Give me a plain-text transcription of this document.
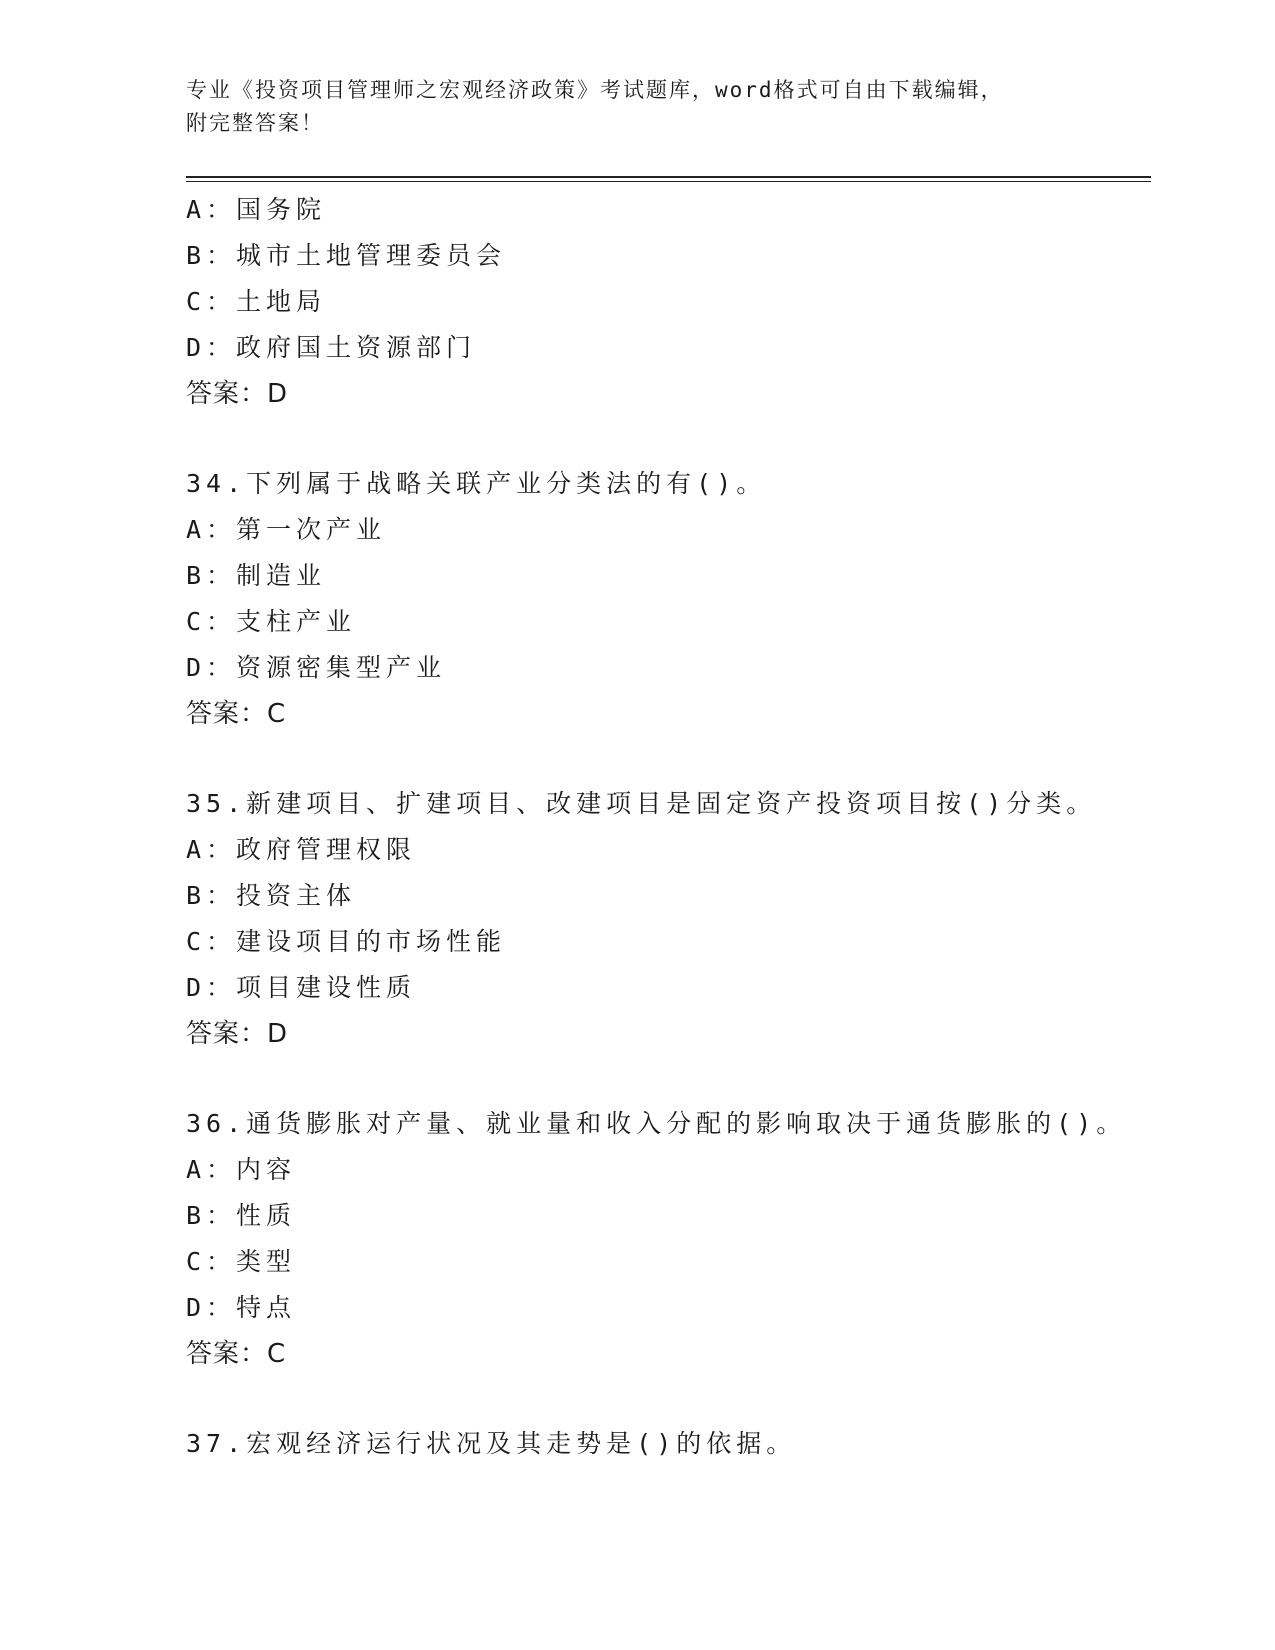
专业《投资项目管理师之宏观经济政策》考试题库，word格式可自由下载编辑，
附完整答案！
A：国务院
B：城市土地管理委员会
C：土地局
D：政府国土资源部门
答案：D
34.下列属于战略关联产业分类法的有()。
A：第一次产业
B：制造业
C：支柱产业
D：资源密集型产业
答案：C
35.新建项目、扩建项目、改建项目是固定资产投资项目按()分类。
A：政府管理权限
B：投资主体
C：建设项目的市场性能
D：项目建设性质
答案：D
36.通货膨胀对产量、就业量和收入分配的影响取决于通货膨胀的()。
A：内容
B：性质
C：类型
D：特点
答案：C
37.宏观经济运行状况及其走势是()的依据。
